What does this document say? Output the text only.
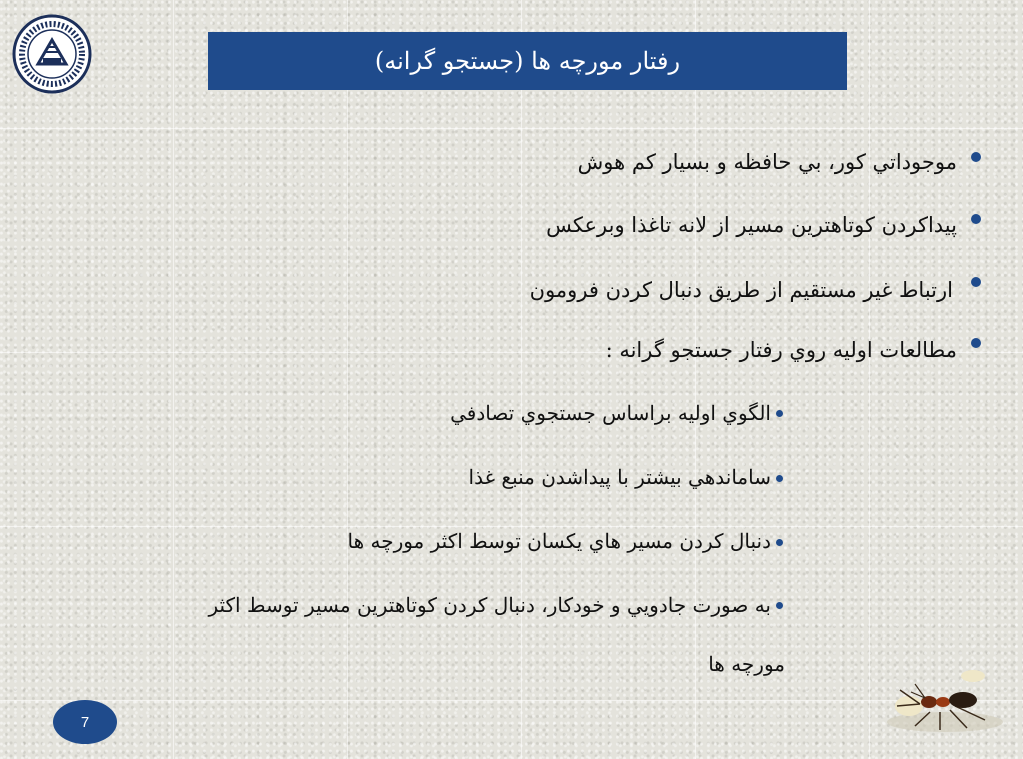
رفتار مورچه ها (جستجو گرانه)
موجوداتي كور، بي حافظه و بسيار كم هوش
پيداكردن كوتاهترين مسير از لانه تاغذا وبرعكس
ارتباط غير مستقيم از طريق دنبال كردن فرومون
مطالعات اوليه روي رفتار جستجو گرانه :
الگوي اوليه براساس جستجوي تصادفي
ساماندهي بيشتر با پيداشدن منبع غذا
دنبال كردن مسير هاي يكسان توسط اكثر مورچه ها
به صورت جادويي و خودكار، دنبال كردن كوتاهترين مسير توسط اكثر
مورچه ها
7
